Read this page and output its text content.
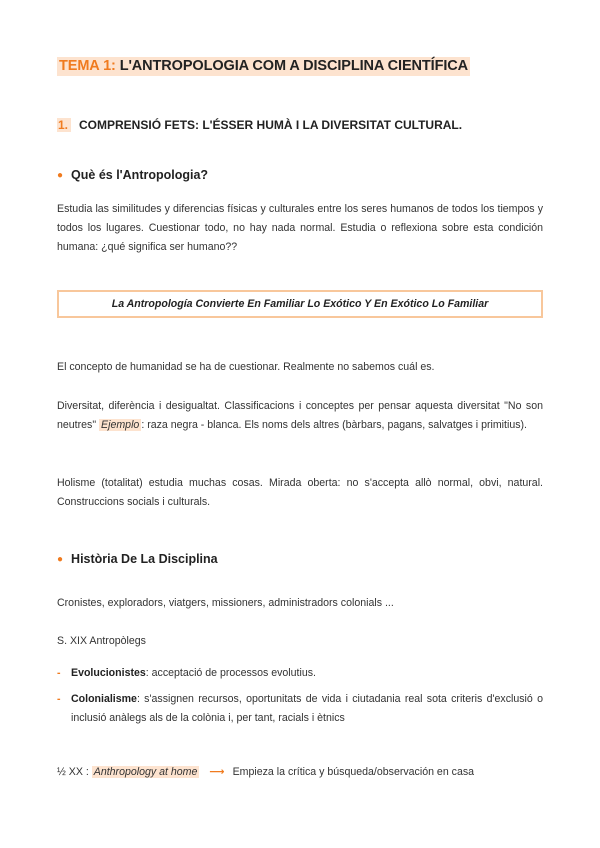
TEMA 1: L'ANTROPOLOGIA COM A DISCIPLINA CIENTÍFICA
1. COMPRENSIÓ FETS: L'ÉSSER HUMÀ I LA DIVERSITAT CULTURAL.
● Què és l'Antropologia?
Estudia las similitudes y diferencias físicas y culturales entre los seres humanos de todos los tiempos y todos los lugares. Cuestionar todo, no hay nada normal. Estudia o reflexiona sobre esta condición humana: ¿qué significa ser humano??
La Antropología Convierte En Familiar Lo Exótico Y En Exótico Lo Familiar
El concepto de humanidad se ha de cuestionar. Realmente no sabemos cuál es.
Diversitat, diferència i desigualtat. Classificacions i conceptes per pensar aquesta diversitat "No son neutres" Ejemplo : raza negra - blanca. Els noms dels altres (bàrbars, pagans, salvatges i primitius).
Holisme (totalitat) estudia muchas cosas. Mirada oberta: no s'accepta allò normal, obvi, natural. Construccions socials i culturals.
● Història De La Disciplina
Cronistes, exploradors, viatgers, missioners, administradors colonials ...
S. XIX Antropòlegs
- Evolucionistes: acceptació de processos evolutius.
- Colonialisme: s'assignen recursos, oportunitats de vida i ciutadania real sota criteris d'exclusió o inclusió anàlegs als de la colònia i, per tant, racials i ètnics
½ XX : Anthropology at home ⟶ Empieza la crítica y búsqueda/observación en casa
